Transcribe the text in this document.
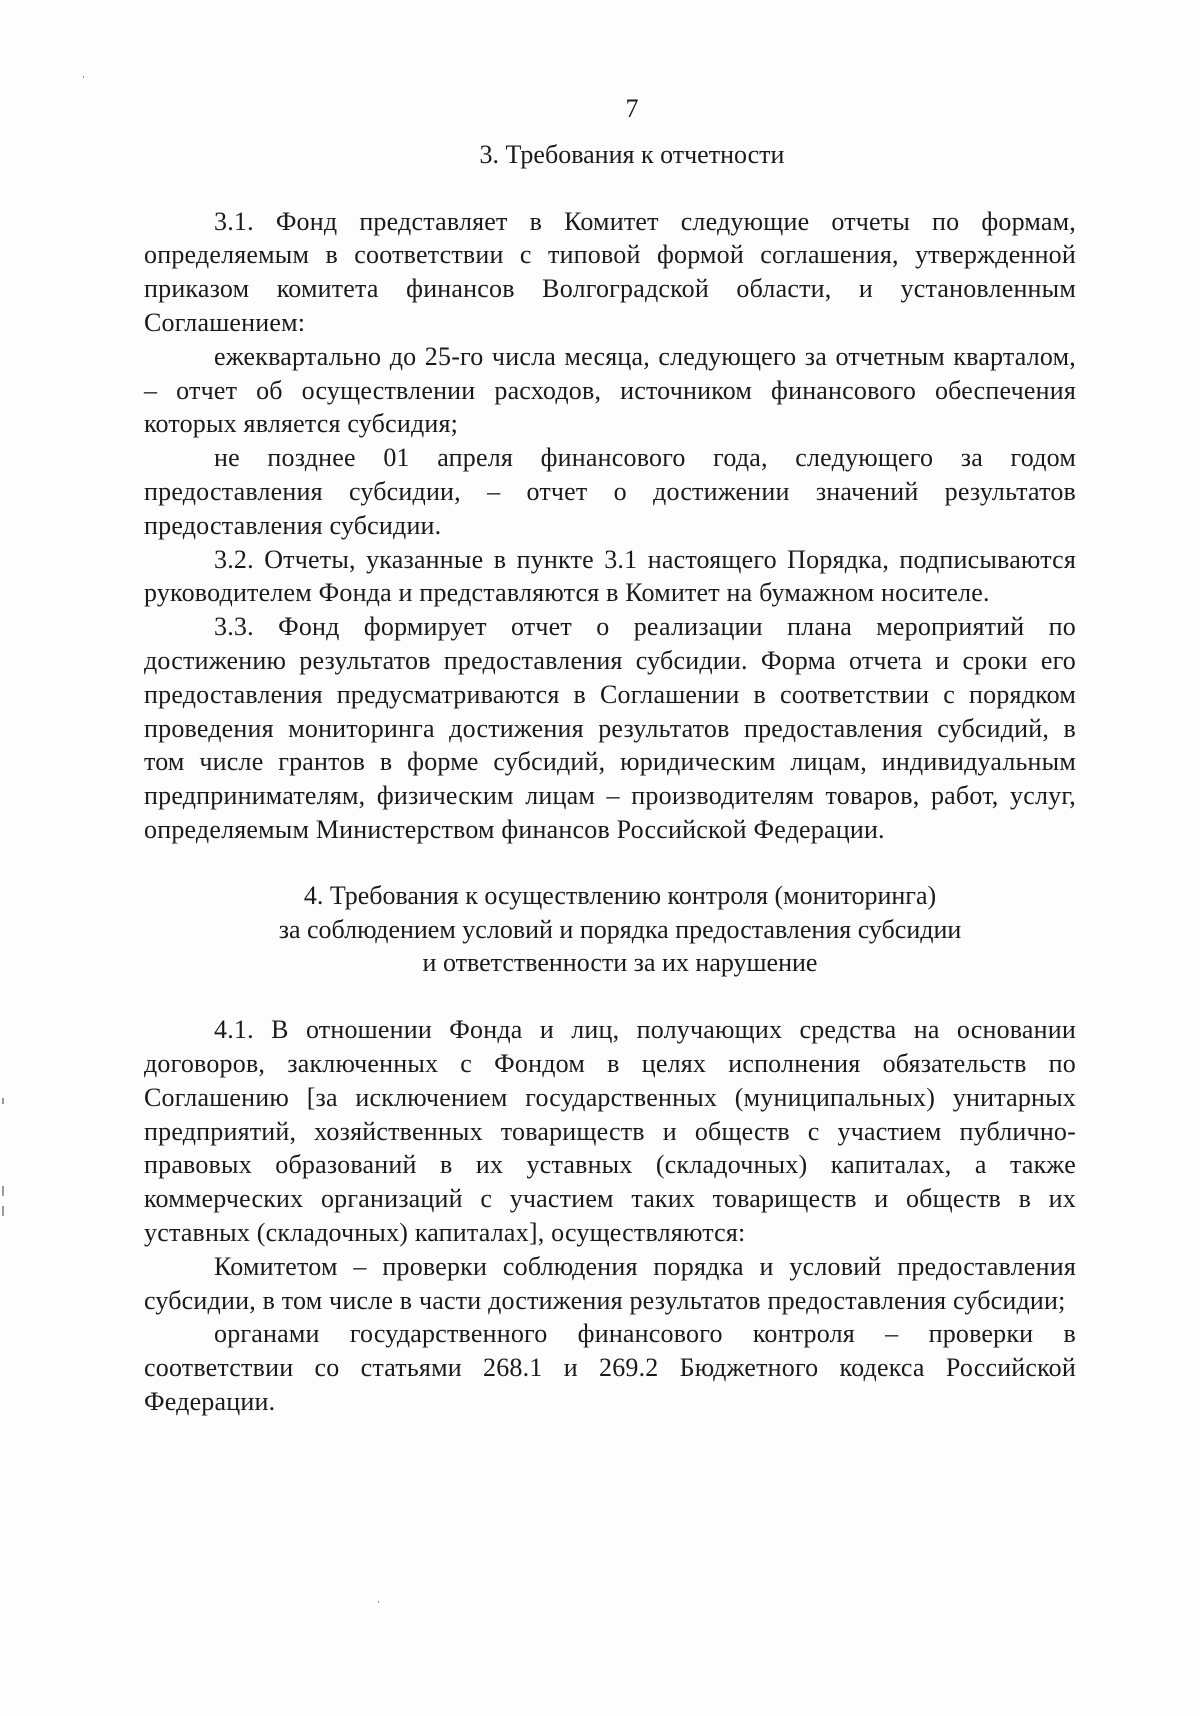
7
3. Требования к отчетности

3.1. Фонд представляет в Комитет следующие отчеты по формам, определяемым в соответствии с типовой формой соглашения, утвержденной приказом комитета финансов Волгоградской области, и установленным Соглашением:

ежеквартально до 25-го числа месяца, следующего за отчетным кварталом, – отчет об осуществлении расходов, источником финансового обеспечения которых является субсидия;

не позднее 01 апреля финансового года, следующего за годом предоставления субсидии, – отчет о достижении значений результатов предоставления субсидии.

3.2. Отчеты, указанные в пункте 3.1 настоящего Порядка, подписываются руководителем Фонда и представляются в Комитет на бумажном носителе.

3.3. Фонд формирует отчет о реализации плана мероприятий по достижению результатов предоставления субсидии. Форма отчета и сроки его предоставления предусматриваются в Соглашении в соответствии с порядком проведения мониторинга достижения результатов предоставления субсидий, в том числе грантов в форме субсидий, юридическим лицам, индивидуальным предпринимателям, физическим лицам – производителям товаров, работ, услуг, определяемым Министерством финансов Российской Федерации.

4. Требования к осуществлению контроля (мониторинга)
за соблюдением условий и порядка предоставления субсидии
и ответственности за их нарушение

4.1. В отношении Фонда и лиц, получающих средства на основании договоров, заключенных с Фондом в целях исполнения обязательств по Соглашению [за исключением государственных (муниципальных) унитарных предприятий, хозяйственных товариществ и обществ с участием публично-правовых образований в их уставных (складочных) капиталах, а также коммерческих организаций с участием таких товариществ и обществ в их уставных (складочных) капиталах], осуществляются:

Комитетом – проверки соблюдения порядка и условий предоставления субсидии, в том числе в части достижения результатов предоставления субсидии;

органами государственного финансового контроля – проверки в соответствии со статьями 268.1 и 269.2 Бюджетного кодекса Российской Федерации.
